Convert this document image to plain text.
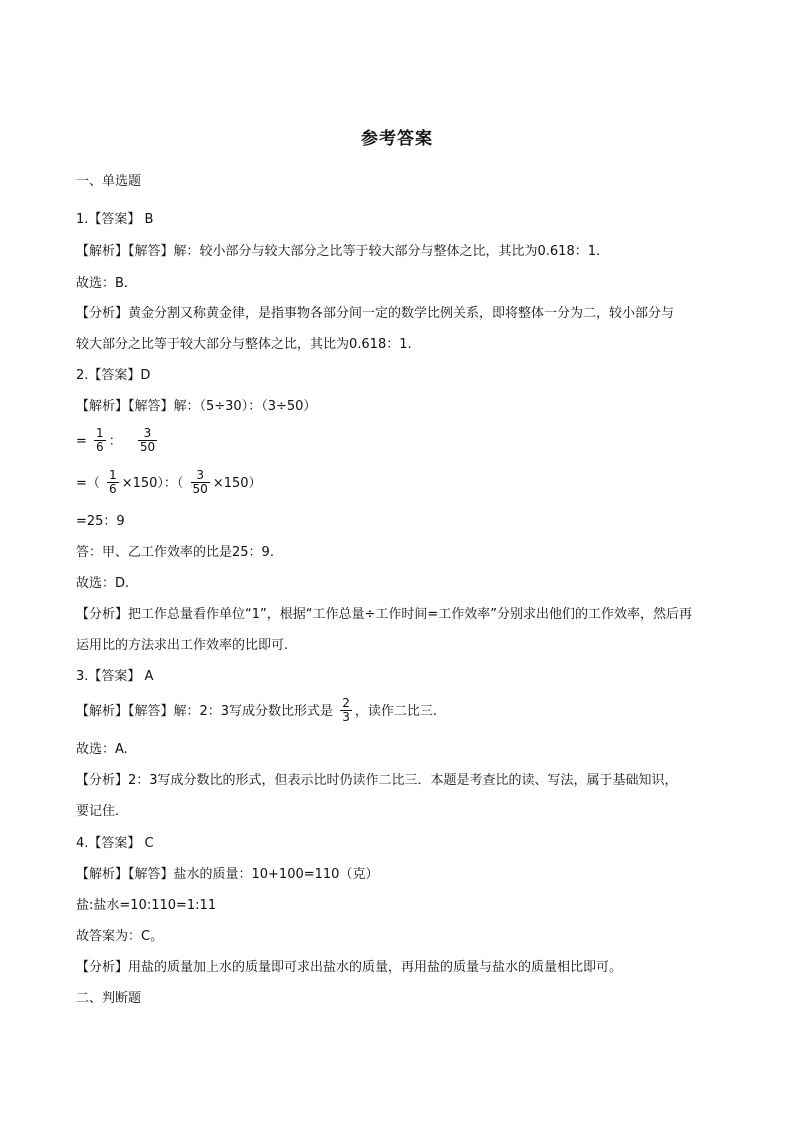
参考答案
一、单选题
1.【答案】 B
【解析】【解答】解：较小部分与较大部分之比等于较大部分与整体之比，其比为0.618：1.
故选：B.
【分析】黄金分割又称黄金律，是指事物各部分间一定的数学比例关系，即将整体一分为二，较小部分与
较大部分之比等于较大部分与整体之比，其比为0.618：1.
2.【答案】D
【解析】【解答】解：（5÷30）：（3÷50）
= $\frac{1}{6}$ ： $\frac{3}{50}$
=（ $\frac{1}{6} \times 150$）：（ $\frac{3}{50} \times 150$）
=25：9
答：甲、乙工作效率的比是25：9.
故选：D.
【分析】把工作总量看作单位“1”，根据“工作总量÷工作时间=工作效率”分别求出他们的工作效率，然后再
运用比的方法求出工作效率的比即可.
3.【答案】 A
【解析】【解答】解：2：3写成分数比形式是 $\frac{2}{3}$ ，读作二比三.
故选：A.
【分析】2：3写成分数比的形式，但表示比时仍读作二比三．本题是考查比的读、写法，属于基础知识，
要记住.
4.【答案】 C
【解析】【解答】盐水的质量：10+100=110（克）
盐:盐水=10:110=1:11
故答案为：C。
【分析】用盐的质量加上水的质量即可求出盐水的质量，再用盐的质量与盐水的质量相比即可。
二、判断题
